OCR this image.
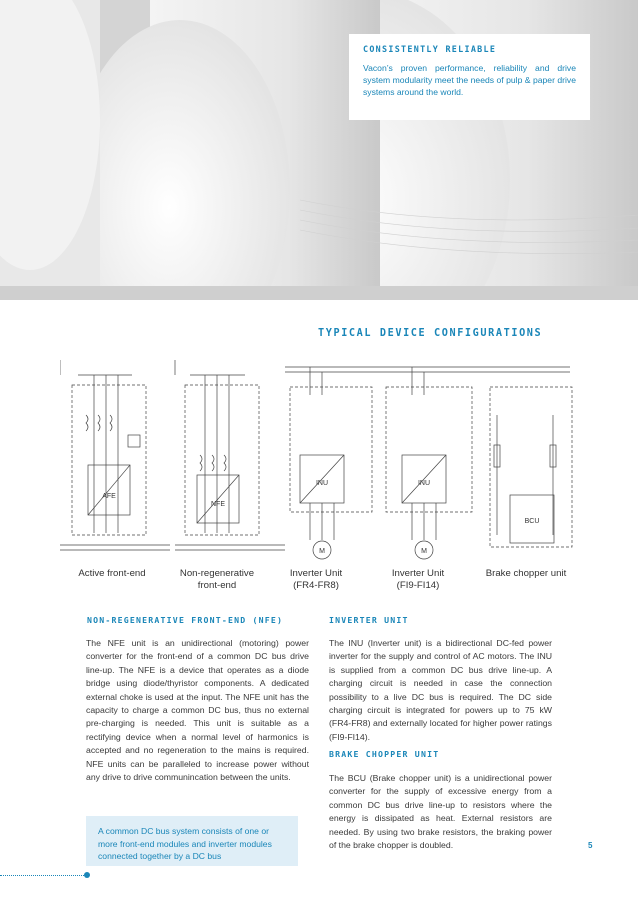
CONSISTENTLY RELIABLE

Vacon’s proven performance, reliability and drive system modularity meet the needs of pulp & paper drive systems around the world.

TYPICAL DEVICE CONFIGURATIONS
AFE
NFE
INU	INU
BCU
M	M
Active front-end	Non-regenerative
front-end
Inverter Unit
(FR4-FR8)
Inverter Unit
(FI9-FI14)
Brake chopper unit
NON-REGENERATIVE FRONT-END (NFE)
The NFE unit is an unidirectional (motoring) power converter for the front-end of a common DC bus drive line-up. The NFE is a device that operates as a diode bridge using diode/thyristor components. A dedicated external choke is used at the input. The NFE unit has the capacity to charge a common DC bus, thus no external pre-charging is needed. This unit is suitable as a rectifying device when a normal level of harmonics is accepted and no regeneration to the mains is required. NFE units can be paralleled to increase power without any drive to drive communincation between the units.
A common DC bus system consists of one or more front-end modules and inverter modules connected together by a DC bus
INVERTER UNIT
The INU (Inverter unit) is a bidirectional DC-fed power inverter for the supply and control of AC motors. The INU is supplied from a common DC bus drive line-up. A charging circuit is needed in case the connection possibility to a live DC bus is required. The DC side charging circuit is integrated for powers up to 75 kW (FR4-FR8) and externally located for higher power ratings (FI9-FI14).
BRAKE CHOPPER UNIT
The BCU (Brake chopper unit) is a unidirectional power converter for the supply of excessive energy from a common DC bus drive line-up to resistors where the energy is dissipated as heat. External resistors are needed. By using two brake resistors, the braking power of the brake chopper is doubled.	5
